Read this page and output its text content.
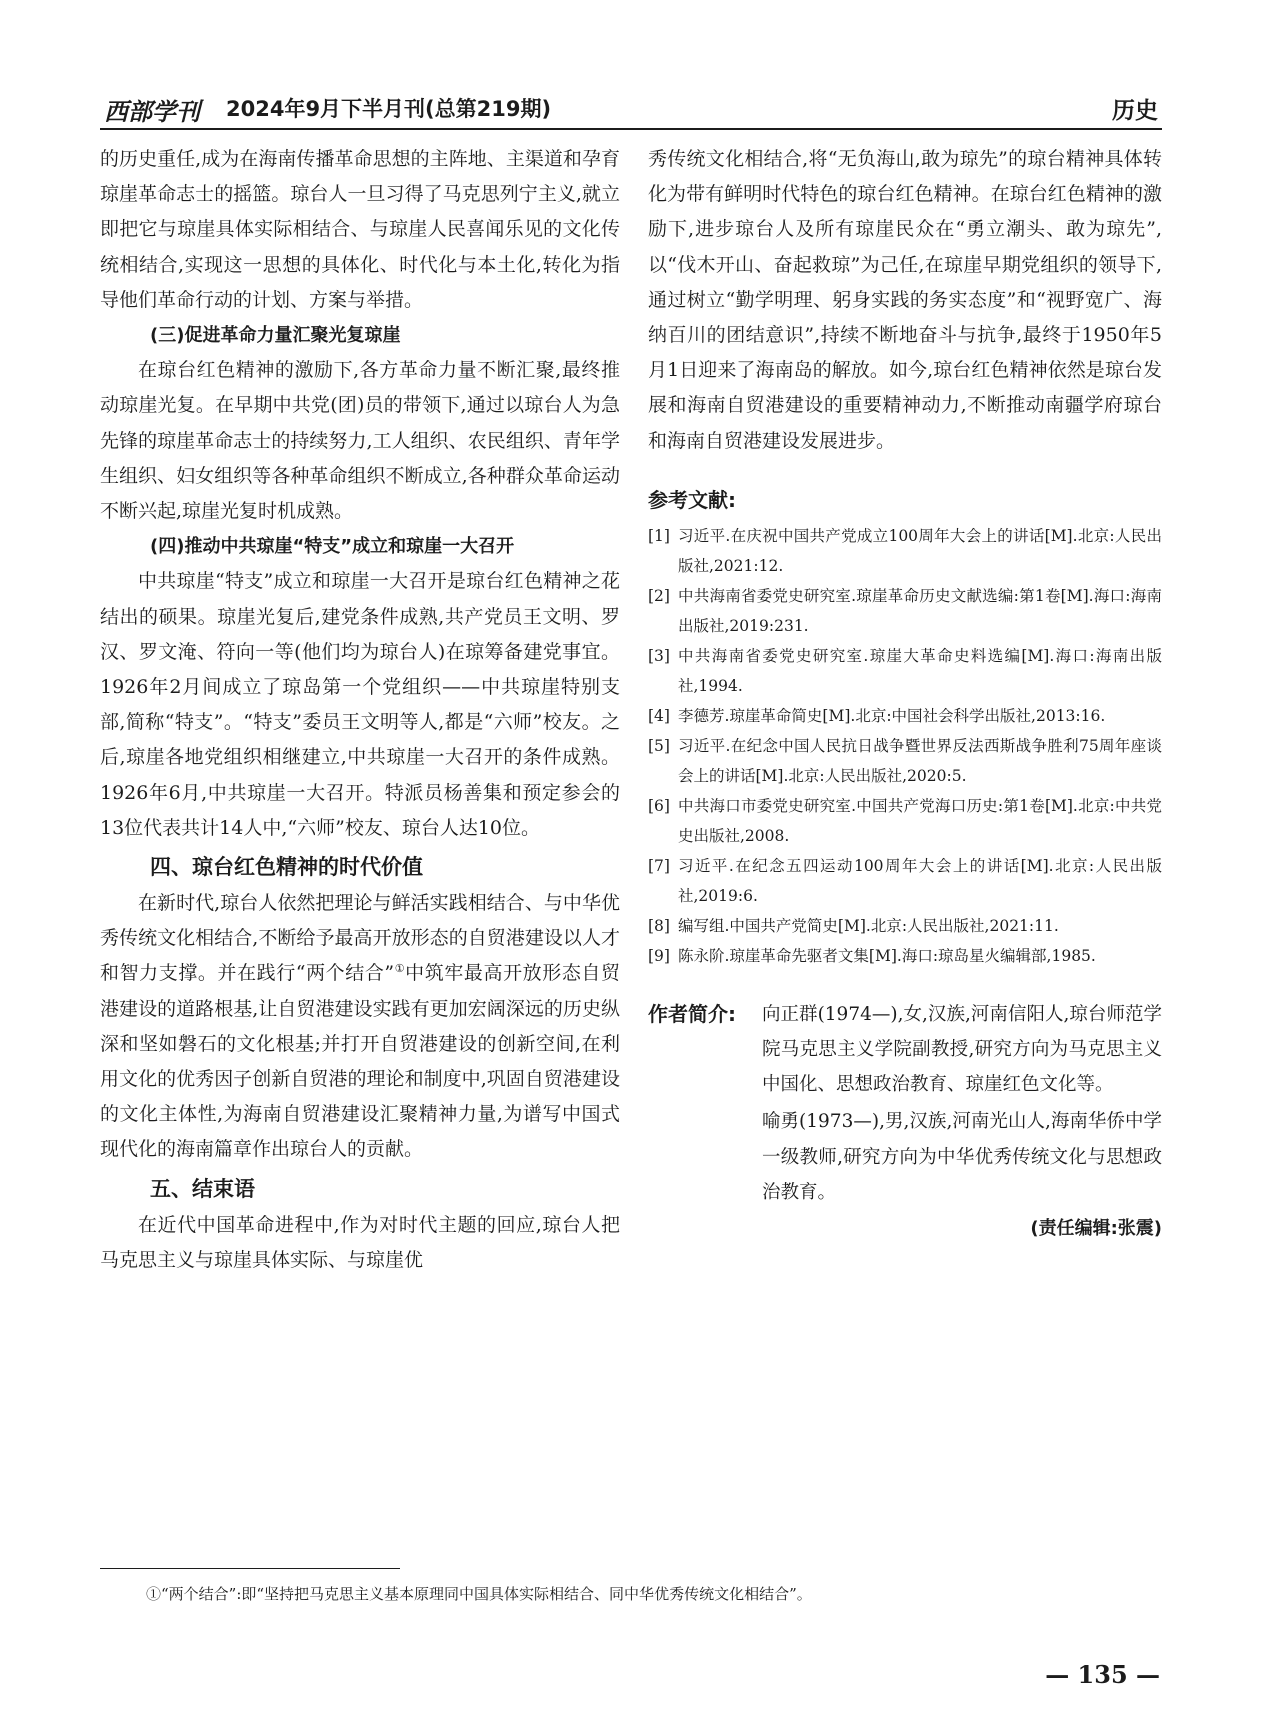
西部学刊 2024年9月下半月刊(总第219期)	历史

的历史重任,成为在海南传播革命思想的主阵地、主渠道和孕育琼崖革命志士的摇篮。琼台人一旦习得了马克思列宁主义,就立即把它与琼崖具体实际相结合、与琼崖人民喜闻乐见的文化传统相结合,实现这一思想的具体化、时代化与本土化,转化为指导他们革命行动的计划、方案与举措。

(三)促进革命力量汇聚光复琼崖

在琼台红色精神的激励下,各方革命力量不断汇聚,最终推动琼崖光复。在早期中共党(团)员的带领下,通过以琼台人为急先锋的琼崖革命志士的持续努力,工人组织、农民组织、青年学生组织、妇女组织等各种革命组织不断成立,各种群众革命运动不断兴起,琼崖光复时机成熟。

(四)推动中共琼崖“特支”成立和琼崖一大召开

中共琼崖“特支”成立和琼崖一大召开是琼台红色精神之花结出的硕果。琼崖光复后,建党条件成熟,共产党员王文明、罗汉、罗文淹、符向一等(他们均为琼台人)在琼筹备建党事宜。1926年2月间成立了琼岛第一个党组织——中共琼崖特别支部,简称“特支”。“特支”委员王文明等人,都是“六师”校友。之后,琼崖各地党组织相继建立,中共琼崖一大召开的条件成熟。1926年6月,中共琼崖一大召开。特派员杨善集和预定参会的13位代表共计14人中,“六师”校友、琼台人达10位。

四、琼台红色精神的时代价值

在新时代,琼台人依然把理论与鲜活实践相结合、与中华优秀传统文化相结合,不断给予最高开放形态的自贸港建设以人才和智力支撑。并在践行“两个结合”①中筑牢最高开放形态自贸港建设的道路根基,让自贸港建设实践有更加宏阔深远的历史纵深和坚如磐石的文化根基;并打开自贸港建设的创新空间,在利用文化的优秀因子创新自贸港的理论和制度中,巩固自贸港建设的文化主体性,为海南自贸港建设汇聚精神力量,为谱写中国式现代化的海南篇章作出琼台人的贡献。

五、结束语

在近代中国革命进程中,作为对时代主题的回应,琼台人把马克思主义与琼崖具体实际、与琼崖优

秀传统文化相结合,将“无负海山,敢为琼先”的琼台精神具体转化为带有鲜明时代特色的琼台红色精神。在琼台红色精神的激励下,进步琼台人及所有琼崖民众在“勇立潮头、敢为琼先”,以“伐木开山、奋起救琼”为己任,在琼崖早期党组织的领导下,通过树立“勤学明理、躬身实践的务实态度”和“视野宽广、海纳百川的团结意识”,持续不断地奋斗与抗争,最终于1950年5月1日迎来了海南岛的解放。如今,琼台红色精神依然是琼台发展和海南自贸港建设的重要精神动力,不断推动南疆学府琼台和海南自贸港建设发展进步。

参考文献:
[1] 习近平.在庆祝中国共产党成立100周年大会上的讲话[M].北京:人民出版社,2021:12.
[2] 中共海南省委党史研究室.琼崖革命历史文献选编:第1卷[M].海口:海南出版社,2019:231.
[3] 中共海南省委党史研究室.琼崖大革命史料选编[M].海口:海南出版社,1994.
[4] 李德芳.琼崖革命简史[M].北京:中国社会科学出版社,2013:16.
[5] 习近平.在纪念中国人民抗日战争暨世界反法西斯战争胜利75周年座谈会上的讲话[M].北京:人民出版社,2020:5.
[6] 中共海口市委党史研究室.中国共产党海口历史:第1卷[M].北京:中共党史出版社,2008.
[7] 习近平.在纪念五四运动100周年大会上的讲话[M].北京:人民出版社,2019:6.
[8] 编写组.中国共产党简史[M].北京:人民出版社,2021:11.
[9] 陈永阶.琼崖革命先驱者文集[M].海口:琼岛星火编辑部,1985.
作者简介:	向正群(1974—),女,汉族,河南信阳人,琼台师范学院马克思主义学院副教授,研究方向为马克思主义中国化、思想政治教育、琼崖红色文化等。

喻勇(1973—),男,汉族,河南光山人,海南华侨中学一级教师,研究方向为中华优秀传统文化与思想政治教育。

(责任编辑:张震)
①“两个结合”:即“坚持把马克思主义基本原理同中国具体实际相结合、同中华优秀传统文化相结合”。
— 135 —
